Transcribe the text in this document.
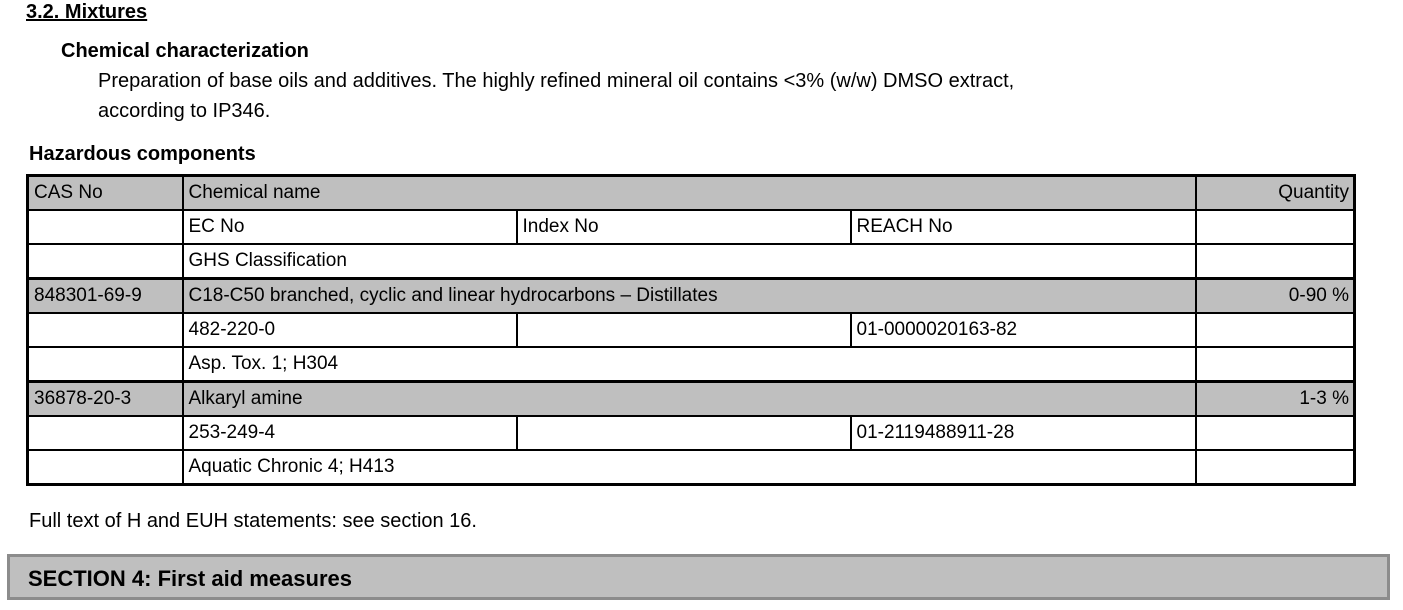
3.2. Mixtures
Chemical characterization
Preparation of base oils and additives. The highly refined mineral oil contains <3% (w/w) DMSO extract,
according to IP346.
Hazardous components
CAS No	Chemical name			Quantity
	EC No	Index No	REACH No	
	GHS Classification			
848301-69-9	C18-C50 branched, cyclic and linear hydrocarbons – Distillates			0-90 %
	482-220-0		01-0000020163-82	
	Asp. Tox. 1; H304			
36878-20-3	Alkaryl amine			1-3 %
	253-249-4		01-2119488911-28	
	Aquatic Chronic 4; H413			
Full text of H and EUH statements: see section 16.
SECTION 4: First aid measures
